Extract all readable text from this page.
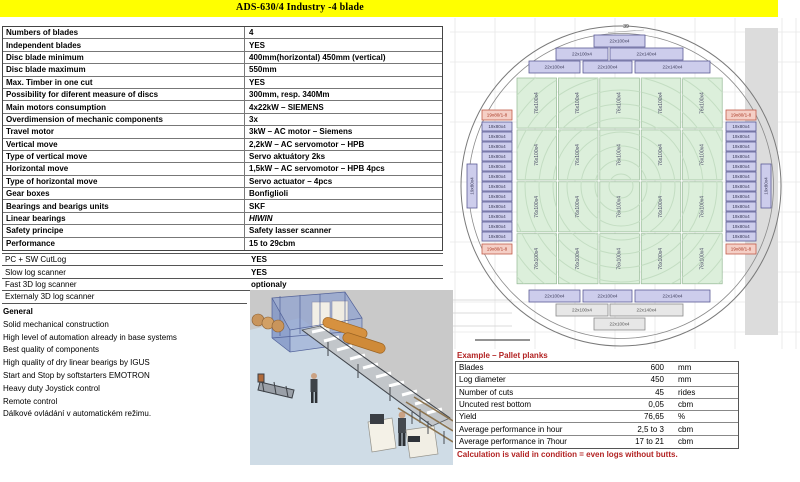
ADS-630/4 Industry -4 blade
Numbers of blades	4
Independent blades	YES
Disc blade minimum	400mm(horizontal) 450mm (vertical)
Disc blade maximum	550mm
Max. Timber in one cut	YES
Possibility for diferent measure of discs	300mm, resp. 340Mm
Main motors consumption	4x22kW – SIEMENS
Overdimension of mechanic components	3x
Travel motor	3kW – AC motor – Siemens
Vertical move	2,2kW – AC servomotor – HPB
Type of vertical move	Servo aktuátory 2ks
Horizontal move	1,5kW – AC servomotor – HPB 4pcs
Type of horizontal move	Servo actuator – 4pcs
Gear boxes	Bonfiglioli
Bearings and bearigs units	SKF
Linear bearings	HIWIN
Safety principe	Safety lasser scanner
Performance	15 to 29cbm
PC + SW CutLog	YES
Slow log scanner	YES
Fast 3D log scanner	optionaly
Externaly 3D log scanner
General
Solid mechanical construction
High level of automation already in base systems
Best quality of components
High quality of dry linear bearigs by IGUS
Start and Stop by softstarters EMOTRON
Heavy duty Joystick control
Remote control
Dálkové ovládání v automatickém režimu.
76x100x4
76x100x4
76x100x4
76x100x4
76x100x4
76x100x4
76x100x4
76x100x4
76x100x4
76x100x4
76x100x4
76x100x4
76x100x4
76x100x4
76x100x4
76x100x4
76x100x4
76x100x4
76x100x4
76x100x4
22x100x4
22x100x4	22x140x4
22x100x4	22x100x4	22x140x4
22x100x4	22x100x4	22x140x4
22x100x4	22x140x4
22x100x4
19x80/1-8
19x80x4
19x80x4
19x80x4
19x80x4
19x80x4
19x80x4
19x80x4
19x80x4
19x80x4
19x80x4
19x80x4
19x80x4
19x80/1-8
19x80/1-8
19x80x4
19x80x4
19x80x4
19x80x4
19x80x4
19x80x4
19x80x4
19x80x4
19x80x4
19x80x4
19x80x4
19x80x4
19x80/1-8
19x80x4	19x80x4
39
Example – Pallet planks
Blades	600	mm
Log diameter	450	mm
Number of cuts	45	rides
Uncuted rest bottom	0,05	cbm
Yield	76,65	%
Average performance in hour	2,5 to 3	cbm
Average performance in 7hour	17 to 21	cbm
Calculation is valid in condition = even logs without butts.
